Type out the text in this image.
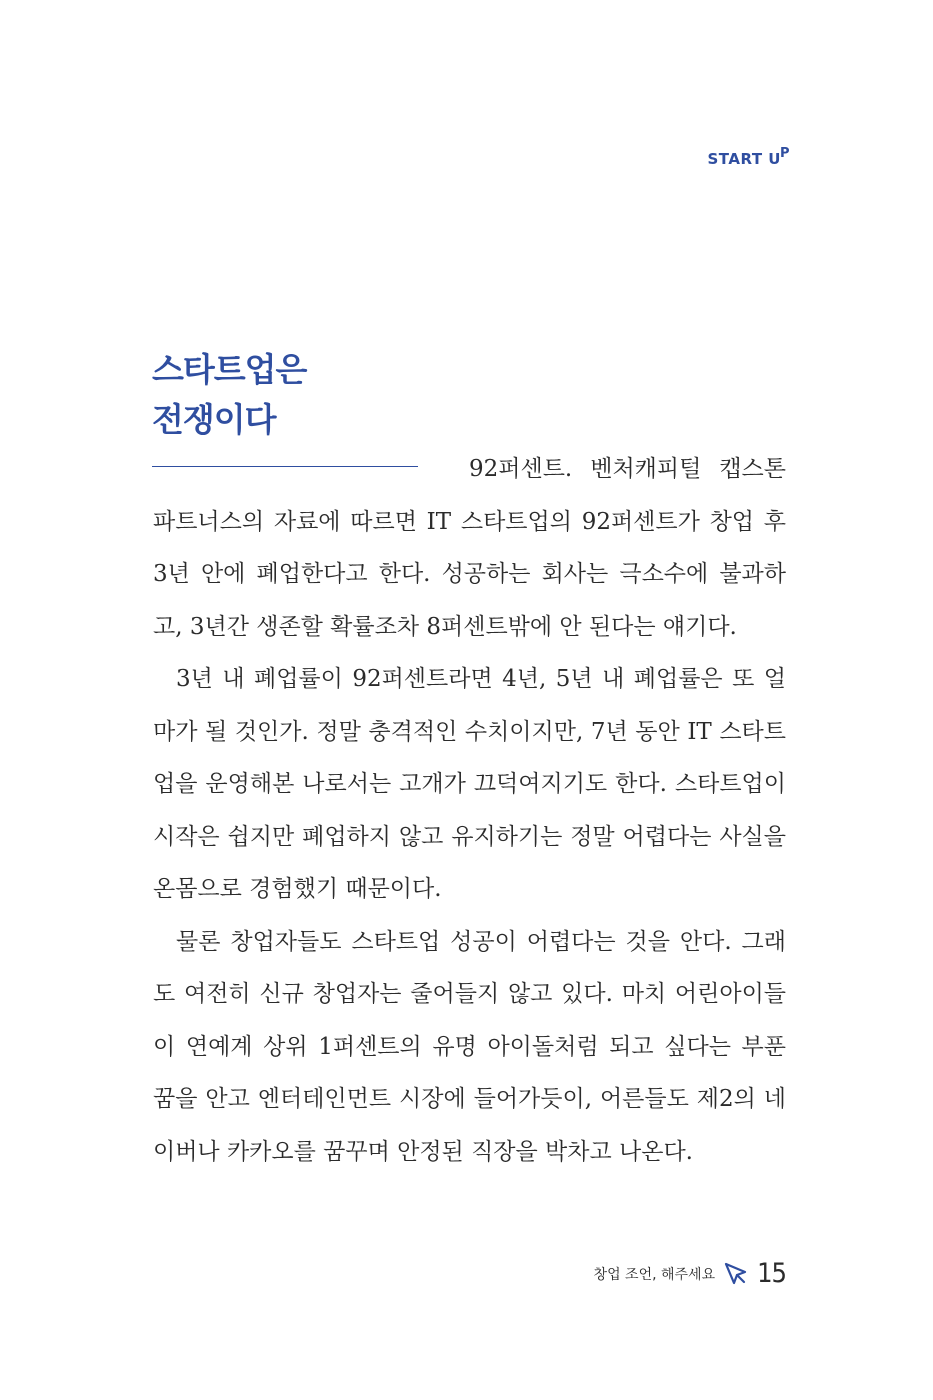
START UP
스타트업은
전쟁이다

92퍼센트. 벤처캐피털 캡스톤 파트너스의 자료에 따르면 IT 스타트업의 92퍼센트가 창업 후 3년 안에 폐업한다고 한다. 성공하는 회사는 극소수에 불과하고, 3년간 생존할 확률조차 8퍼센트밖에 안 된다는 얘기다.

3년 내 폐업률이 92퍼센트라면 4년, 5년 내 폐업률은 또 얼마가 될 것인가. 정말 충격적인 수치이지만, 7년 동안 IT 스타트업을 운영해본 나로서는 고개가 끄덕여지기도 한다. 스타트업이 시작은 쉽지만 폐업하지 않고 유지하기는 정말 어렵다는 사실을 온몸으로 경험했기 때문이다.

물론 창업자들도 스타트업 성공이 어렵다는 것을 안다. 그래도 여전히 신규 창업자는 줄어들지 않고 있다. 마치 어린아이들이 연예계 상위 1퍼센트의 유명 아이돌처럼 되고 싶다는 부푼 꿈을 안고 엔터테인먼트 시장에 들어가듯이, 어른들도 제2의 네이버나 카카오를 꿈꾸며 안정된 직장을 박차고 나온다.

창업 조언, 해주세요 15
